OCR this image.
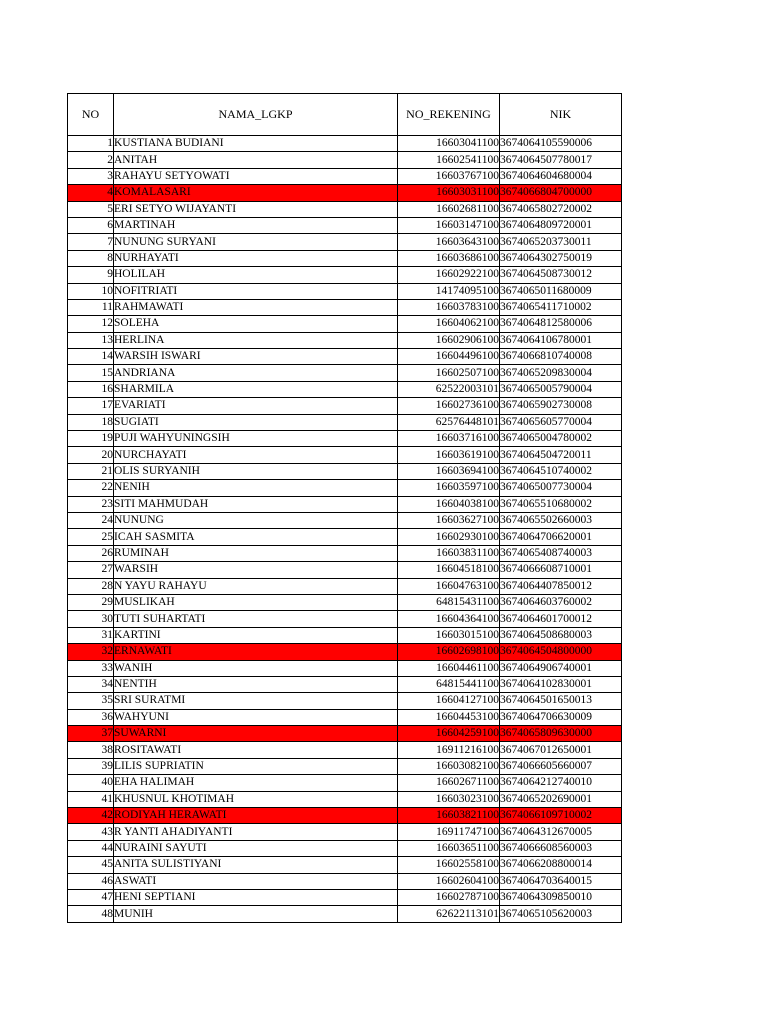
NO	NAMA_LGKP	NO_REKENING	NIK
1	KUSTIANA BUDIANI	16603041100	3674064105590006
2	ANITAH	16602541100	3674064507780017
3	RAHAYU SETYOWATI	16603767100	3674064604680004
4	KOMALASARI	16603031100	3674066804700000
5	ERI SETYO WIJAYANTI	16602681100	3674065802720002
6	MARTINAH	16603147100	3674064809720001
7	NUNUNG SURYANI	16603643100	3674065203730011
8	NURHAYATI	16603686100	3674064302750019
9	HOLILAH	16602922100	3674064508730012
10	NOFITRIATI	14174095100	3674065011680009
11	RAHMAWATI	16603783100	3674065411710002
12	SOLEHA	16604062100	3674064812580006
13	HERLINA	16602906100	3674064106780001
14	WARSIH ISWARI	16604496100	3674066810740008
15	ANDRIANA	16602507100	3674065209830004
16	SHARMILA	62522003101	3674065005790004
17	EVARIATI	16602736100	3674065902730008
18	SUGIATI	62576448101	3674065605770004
19	PUJI WAHYUNINGSIH	16603716100	3674065004780002
20	NURCHAYATI	16603619100	3674064504720011
21	OLIS SURYANIH	16603694100	3674064510740002
22	NENIH	16603597100	3674065007730004
23	SITI MAHMUDAH	16604038100	3674065510680002
24	NUNUNG	16603627100	3674065502660003
25	ICAH SASMITA	16602930100	3674064706620001
26	RUMINAH	16603831100	3674065408740003
27	WARSIH	16604518100	3674066608710001
28	N YAYU RAHAYU	16604763100	3674064407850012
29	MUSLIKAH	64815431100	3674064603760002
30	TUTI SUHARTATI	16604364100	3674064601700012
31	KARTINI	16603015100	3674064508680003
32	ERNAWATI	16602698100	3674064504800000
33	WANIH	16604461100	3674064906740001
34	NENTIH	64815441100	3674064102830001
35	SRI SURATMI	16604127100	3674064501650013
36	WAHYUNI	16604453100	3674064706630009
37	SUWARNI	16604259100	3674065809630000
38	ROSITAWATI	16911216100	3674067012650001
39	LILIS SUPRIATIN	16603082100	3674066605660007
40	EHA HALIMAH	16602671100	3674064212740010
41	KHUSNUL KHOTIMAH	16603023100	3674065202690001
42	RODIYAH HERAWATI	16603821100	3674066109710002
43	R YANTI AHADIYANTI	16911747100	3674064312670005
44	NURAINI SAYUTI	16603651100	3674066608560003
45	ANITA SULISTIYANI	16602558100	3674066208800014
46	ASWATI	16602604100	3674064703640015
47	HENI SEPTIANI	16602787100	3674064309850010
48	MUNIH	62622113101	3674065105620003
